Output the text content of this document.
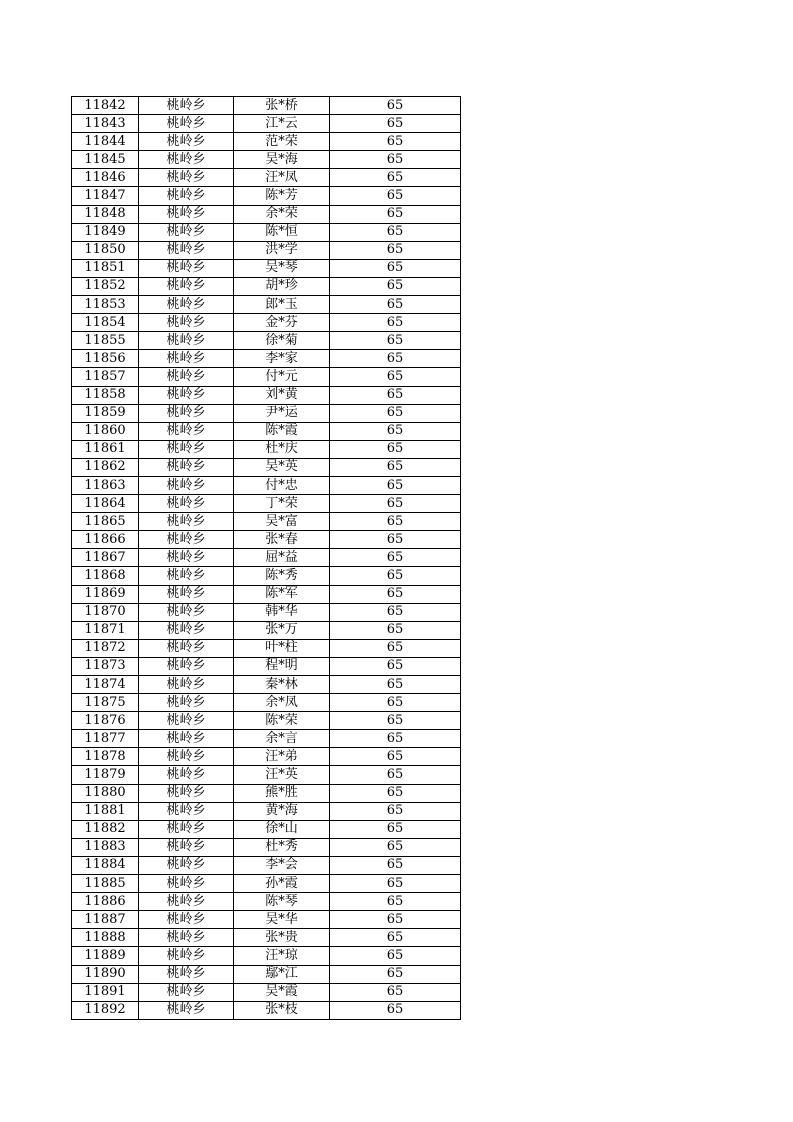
11842	桃岭乡	张*桥	65
11843	桃岭乡	江*云	65
11844	桃岭乡	范*荣	65
11845	桃岭乡	吴*海	65
11846	桃岭乡	汪*凤	65
11847	桃岭乡	陈*芳	65
11848	桃岭乡	余*荣	65
11849	桃岭乡	陈*恒	65
11850	桃岭乡	洪*学	65
11851	桃岭乡	吴*琴	65
11852	桃岭乡	胡*珍	65
11853	桃岭乡	郎*玉	65
11854	桃岭乡	金*芬	65
11855	桃岭乡	徐*菊	65
11856	桃岭乡	李*家	65
11857	桃岭乡	付*元	65
11858	桃岭乡	刘*黄	65
11859	桃岭乡	尹*运	65
11860	桃岭乡	陈*霞	65
11861	桃岭乡	杜*庆	65
11862	桃岭乡	吴*英	65
11863	桃岭乡	付*忠	65
11864	桃岭乡	丁*荣	65
11865	桃岭乡	吴*富	65
11866	桃岭乡	张*春	65
11867	桃岭乡	屈*益	65
11868	桃岭乡	陈*秀	65
11869	桃岭乡	陈*军	65
11870	桃岭乡	韩*华	65
11871	桃岭乡	张*万	65
11872	桃岭乡	叶*柱	65
11873	桃岭乡	程*明	65
11874	桃岭乡	秦*林	65
11875	桃岭乡	余*凤	65
11876	桃岭乡	陈*荣	65
11877	桃岭乡	余*言	65
11878	桃岭乡	汪*弟	65
11879	桃岭乡	汪*英	65
11880	桃岭乡	熊*胜	65
11881	桃岭乡	黄*海	65
11882	桃岭乡	徐*山	65
11883	桃岭乡	杜*秀	65
11884	桃岭乡	李*会	65
11885	桃岭乡	孙*霞	65
11886	桃岭乡	陈*琴	65
11887	桃岭乡	吴*华	65
11888	桃岭乡	张*贵	65
11889	桃岭乡	汪*琼	65
11890	桃岭乡	鄢*江	65
11891	桃岭乡	吴*霞	65
11892	桃岭乡	张*枝	65
